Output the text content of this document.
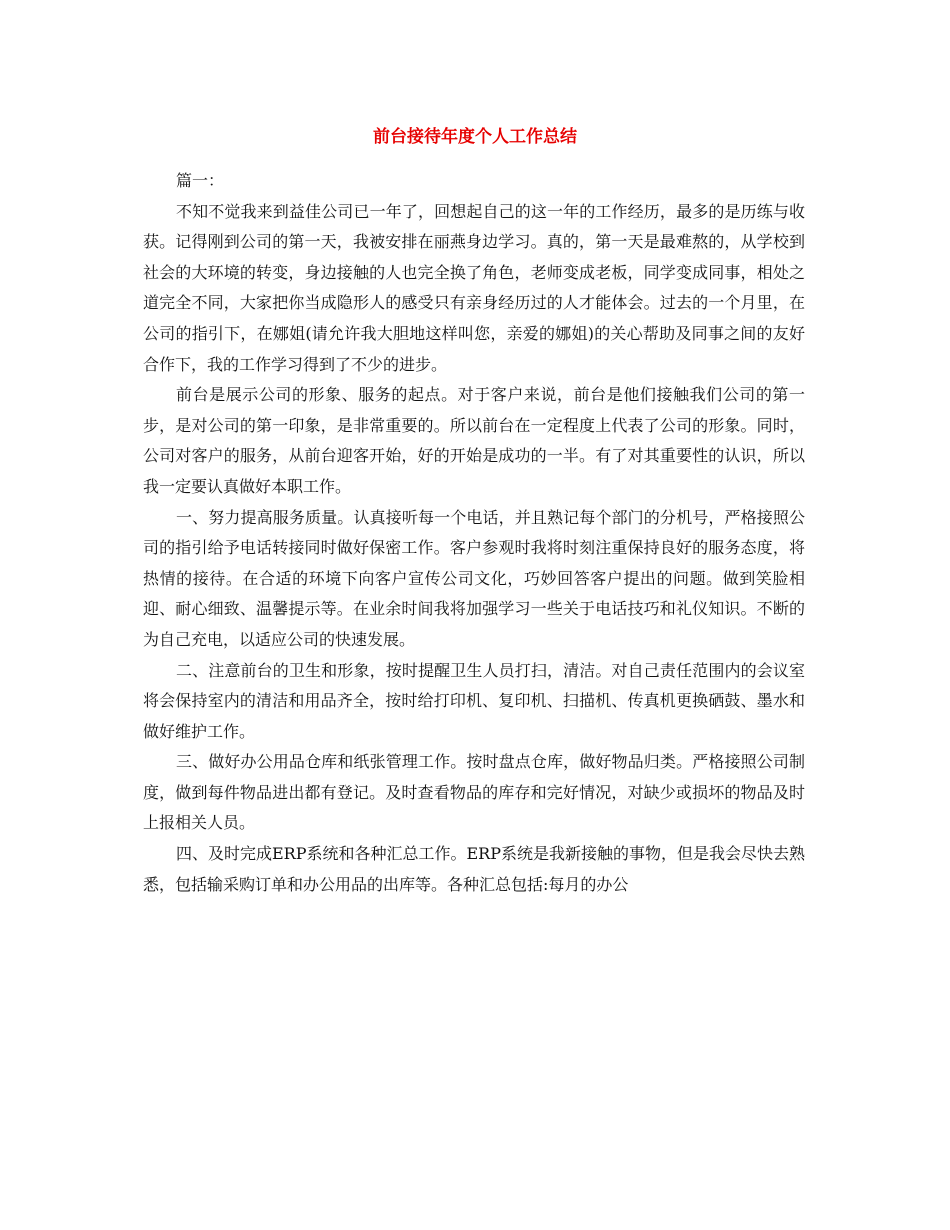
前台接待年度个人工作总结

篇一：

不知不觉我来到益佳公司已一年了，回想起自己的这一年的工作经历，最多的是历练与收获。记得刚到公司的第一天，我被安排在丽燕身边学习。真的，第一天是最难熬的，从学校到社会的大环境的转变，身边接触的人也完全换了角色，老师变成老板，同学变成同事，相处之道完全不同，大家把你当成隐形人的感受只有亲身经历过的人才能体会。过去的一个月里，在公司的指引下，在娜姐(请允许我大胆地这样叫您，亲爱的娜姐)的关心帮助及同事之间的友好合作下，我的工作学习得到了不少的进步。

前台是展示公司的形象、服务的起点。对于客户来说，前台是他们接触我们公司的第一步，是对公司的第一印象，是非常重要的。所以前台在一定程度上代表了公司的形象。同时，公司对客户的服务，从前台迎客开始，好的开始是成功的一半。有了对其重要性的认识，所以我一定要认真做好本职工作。

一、努力提高服务质量。认真接听每一个电话，并且熟记每个部门的分机号，严格接照公司的指引给予电话转接同时做好保密工作。客户参观时我将时刻注重保持良好的服务态度，将热情的接待。在合适的环境下向客户宣传公司文化，巧妙回答客户提出的问题。做到笑脸相迎、耐心细致、温馨提示等。在业余时间我将加强学习一些关于电话技巧和礼仪知识。不断的为自己充电，以适应公司的快速发展。

二、注意前台的卫生和形象，按时提醒卫生人员打扫，清洁。对自己责任范围内的会议室将会保持室内的清洁和用品齐全，按时给打印机、复印机、扫描机、传真机更换硒鼓、墨水和做好维护工作。

三、做好办公用品仓库和纸张管理工作。按时盘点仓库，做好物品归类。严格接照公司制度，做到每件物品进出都有登记。及时查看物品的库存和完好情况，对缺少或损坏的物品及时上报相关人员。

四、及时完成ERP系统和各种汇总工作。ERP系统是我新接触的事物，但是我会尽快去熟悉，包括输采购订单和办公用品的出库等。各种汇总包括:每月的办公
